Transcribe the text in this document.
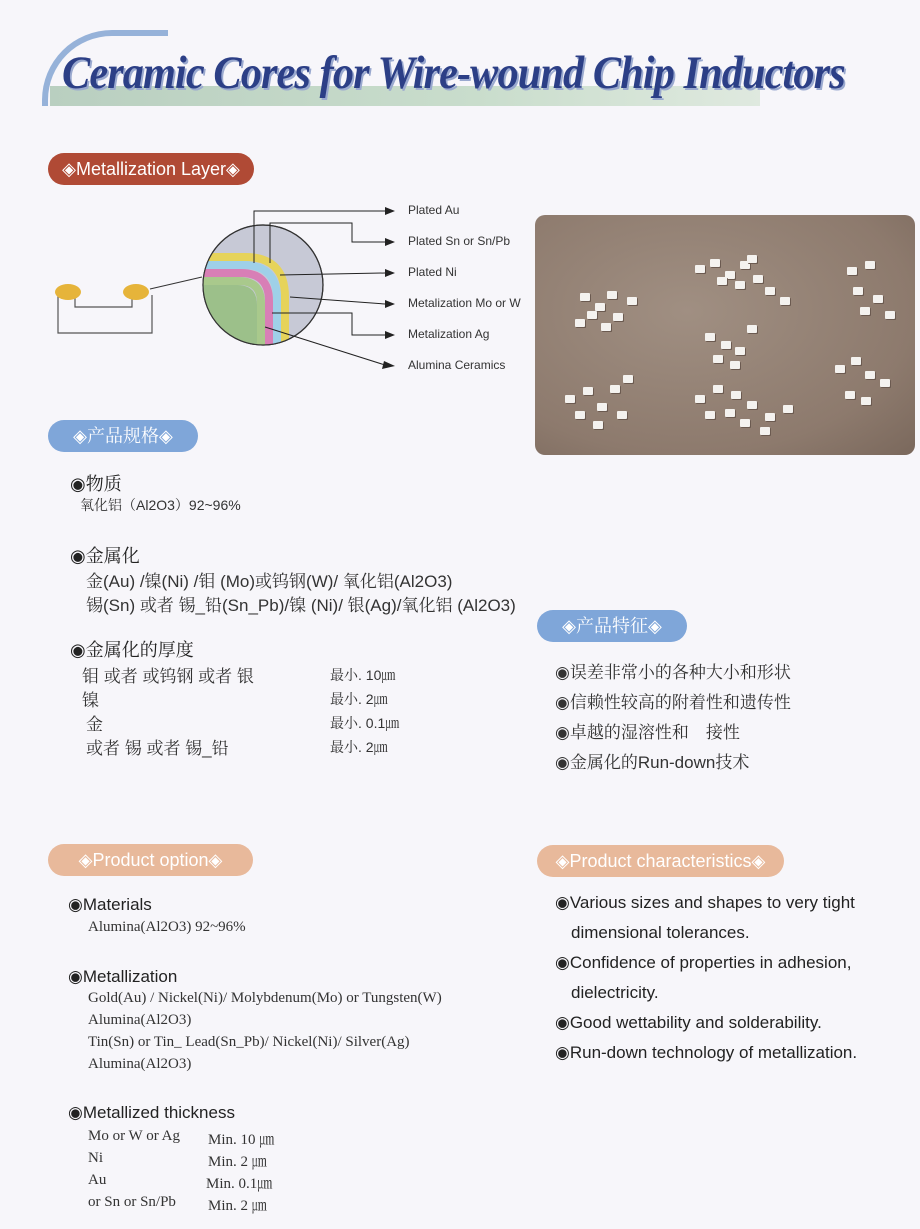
Ceramic Cores for Wire-wound Chip Inductors
◈Metallization Layer◈
Plated Au
Plated Sn or Sn/Pb
Plated Ni
Metalization Mo or W
Metalization Ag
Alumina Ceramics
◈产品规格◈
◉物质
氧化铝（Al2O3）92~96%
◉金属化
金(Au) /镍(Ni) /钼 (Mo)或钨钢(W)/ 氧化铝(Al2O3)
锡(Sn) 或者 锡_铅(Sn_Pb)/镍 (Ni)/ 银(Ag)/氧化铝 (Al2O3)
◉金属化的厚度
钼 或者 或钨钢 或者 银	最小. 10㎛
镍	最小. 2㎛
金	最小. 0.1㎛
或者 锡 或者 锡_铅	最小. 2㎛
◈产品特征◈
◉误差非常小的各种大小和形状
◉信赖性较高的附着性和遗传性
◉卓越的湿溶性和　接性
◉金属化的Run-down技术
◈Product option◈
◉Materials
Alumina(Al2O3) 92~96%
◉Metallization
Gold(Au) / Nickel(Ni)/ Molybdenum(Mo) or Tungsten(W)
Alumina(Al2O3)
Tin(Sn) or Tin_ Lead(Sn_Pb)/ Nickel(Ni)/ Silver(Ag)
Alumina(Al2O3)
◉Metallized thickness
Mo or W or Ag Min. 10 ㎛
Ni	Min. 2 ㎛
Au	Min. 0.1㎛
or Sn or Sn/Pb Min. 2 ㎛
◈Product characteristics◈
◉Various sizes and shapes to very tight
dimensional tolerances.
◉Confidence of properties in adhesion,
dielectricity.
◉Good wettability and solderability.
◉Run-down technology of metallization.
